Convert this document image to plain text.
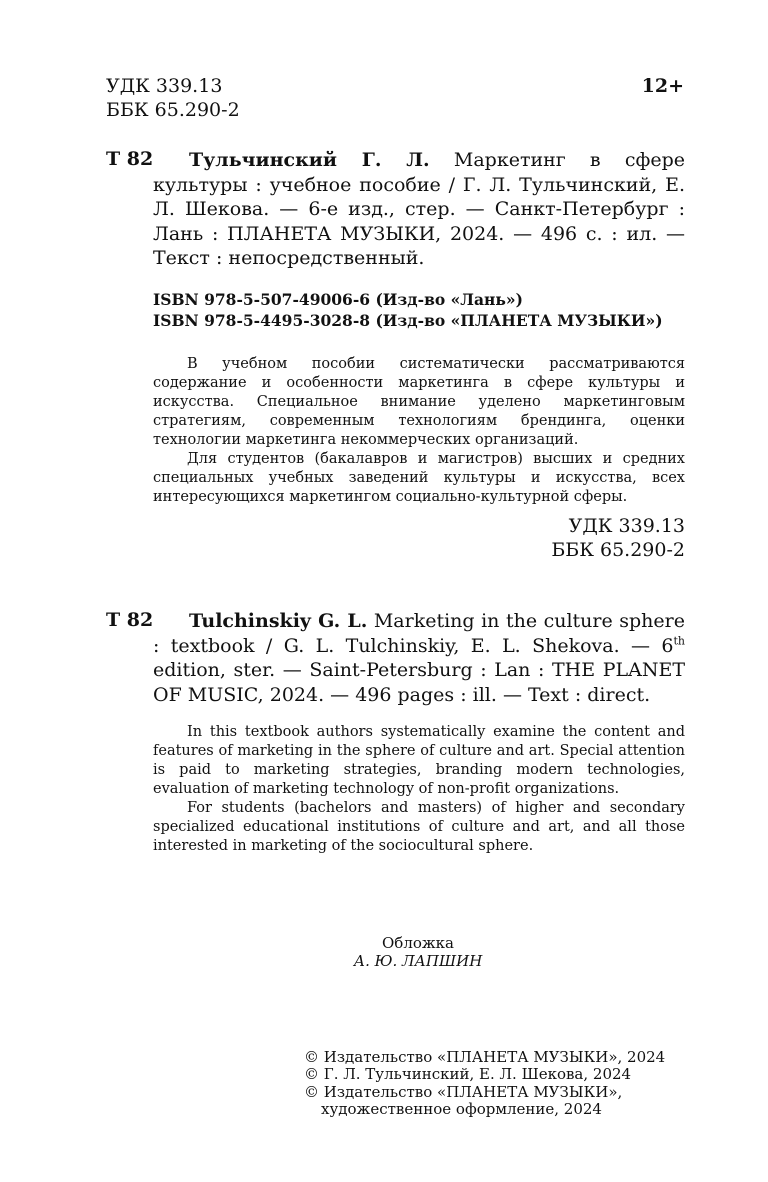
УДК 339.13
ББК 65.290-2
12+
Т 82	Тульчинский Г. Л. Маркетинг в сфере культуры : учебное пособие / Г. Л. Тульчинский, Е. Л. Шекова. — 6-е изд., стер. — Санкт-Петербург : Лань : ПЛАНЕТА МУЗЫКИ, 2024. — 496 с. : ил. — Текст : непосредственный.

ISBN 978-5-507-49006-6 (Изд-во «Лань»)
ISBN 978-5-4495-3028-8 (Изд-во «ПЛАНЕТА МУЗЫКИ»)

В учебном пособии систематически рассматриваются содержание и особенности маркетинга в сфере культуры и искусства. Специальное внимание уделено маркетинговым стратегиям, современным технологиям брендинга, оценки технологии маркетинга некоммерческих организаций.

Для студентов (бакалавров и магистров) высших и средних специальных учебных заведений культуры и искусства, всех интересующихся маркетингом социально-культурной сферы.

УДК 339.13
ББК 65.290-2
T 82	Tulchinskiy G. L. Marketing in the culture sphere : textbook / G. L. Tulchinskiy, E. L. Shekova. — 6th edition, ster. — Saint-Petersburg : Lan : THE PLANET OF MUSIC, 2024. — 496 pages : ill. — Text : direct.

In this textbook authors systematically examine the content and features of marketing in the sphere of culture and art. Special attention is paid to marketing strategies, branding modern technologies, evaluation of marketing technology of non-profit organizations.

For students (bachelors and masters) of higher and secondary specialized educational institutions of culture and art, and all those interested in marketing of the sociocultural sphere.

Обложка
А. Ю. ЛАПШИН
© Издательство «ПЛАНЕТА МУЗЫКИ», 2024
© Г. Л. Тульчинский, Е. Л. Шекова, 2024
© Издательство «ПЛАНЕТА МУЗЫКИ»,
художественное оформление, 2024
